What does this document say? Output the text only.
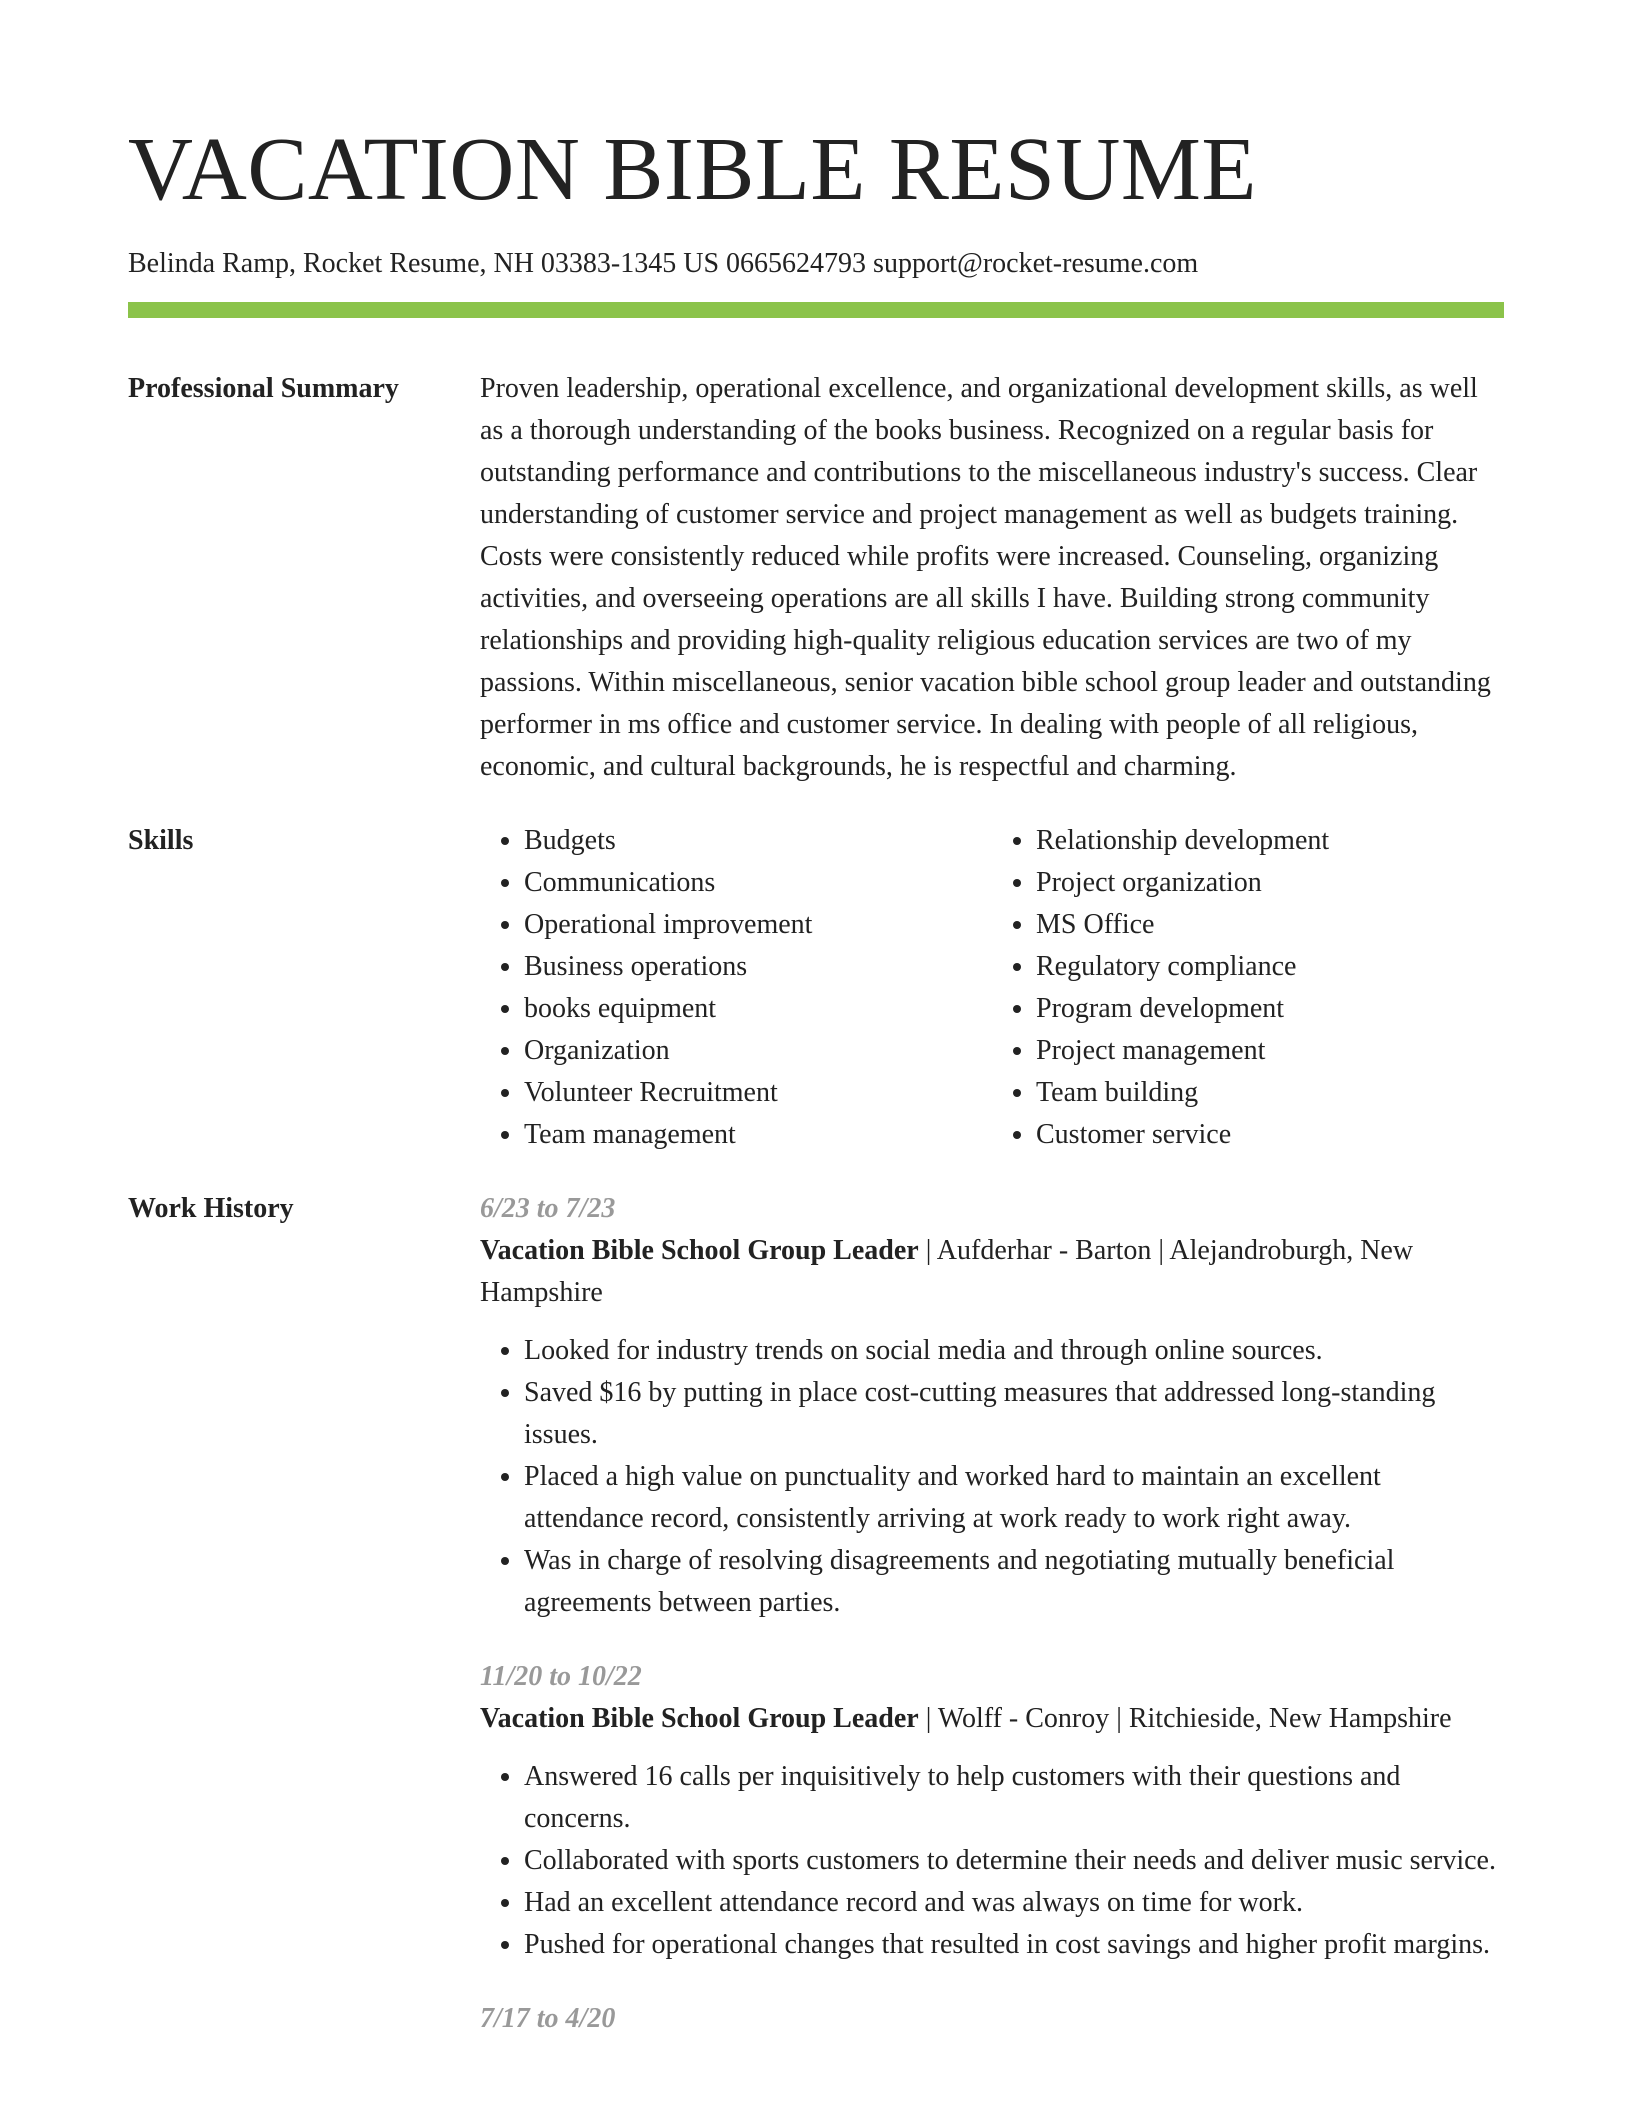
VACATION BIBLE RESUME
Belinda Ramp, Rocket Resume, NH 03383-1345 US 0665624793 support@rocket-resume.com
Professional Summary	Proven leadership, operational excellence, and organizational development skills, as well as a thorough understanding of the books business. Recognized on a regular basis for outstanding performance and contributions to the miscellaneous industry's success. Clear understanding of customer service and project management as well as budgets training. Costs were consistently reduced while profits were increased. Counseling, organizing activities, and overseeing operations are all skills I have. Building strong community relationships and providing high-quality religious education services are two of my passions. Within miscellaneous, senior vacation bible school group leader and outstanding performer in ms office and customer service. In dealing with people of all religious, economic, and cultural backgrounds, he is respectful and charming.

Skills
•	Budgets
• Communications
• Operational improvement
• Business operations
• books equipment
• Organization
• Volunteer Recruitment
• Team management
• Relationship development
• Project organization
• MS Office
• Regulatory compliance
• Program development
• Project management
• Team building
• Customer service
Work History	6/23 to 7/23
Vacation Bible School Group Leader | Aufderhar - Barton | Alejandroburgh, New Hampshire
• Looked for industry trends on social media and through online sources.
• Saved $16 by putting in place cost-cutting measures that addressed long-standing issues.
• Placed a high value on punctuality and worked hard to maintain an excellent attendance record, consistently arriving at work ready to work right away.
• Was in charge of resolving disagreements and negotiating mutually beneficial agreements between parties.
11/20 to 10/22
Vacation Bible School Group Leader | Wolff - Conroy | Ritchieside, New Hampshire
• Answered 16 calls per inquisitively to help customers with their questions and concerns.
• Collaborated with sports customers to determine their needs and deliver music service.
• Had an excellent attendance record and was always on time for work.
• Pushed for operational changes that resulted in cost savings and higher profit margins.
7/17 to 4/20
